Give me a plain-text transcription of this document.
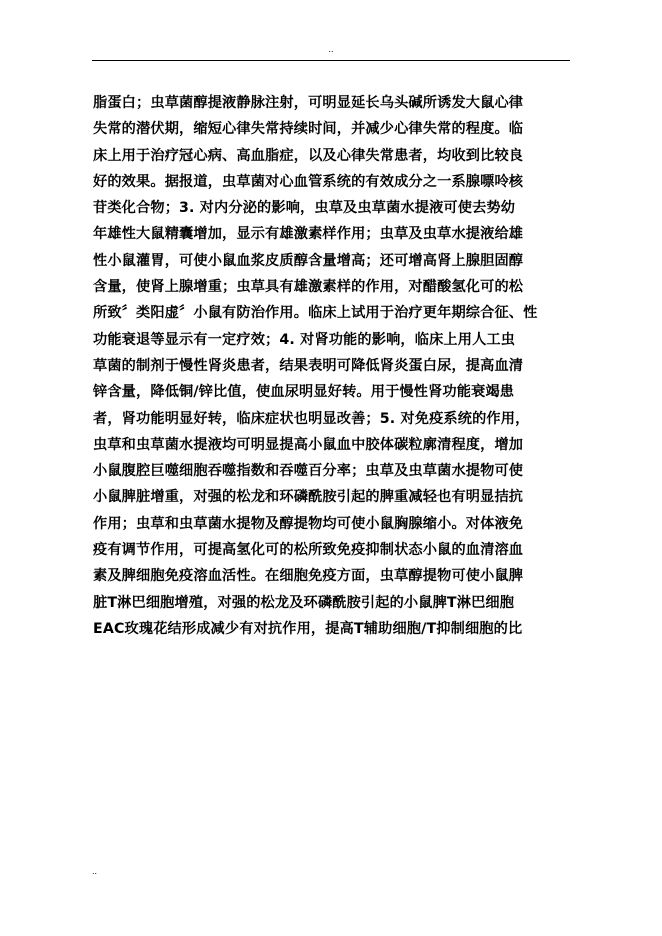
..
脂蛋白；虫草菌醇提液静脉注射，可明显延长乌头碱所诱发大鼠心律
失常的潜伏期，缩短心律失常持续时间，并减少心律失常的程度。临
床上用于治疗冠心病、高血脂症，以及心律失常患者，均收到比较良
好的效果。据报道，虫草菌对心血管系统的有效成分之一系腺嘌呤核
苷类化合物；3. 对内分泌的影响，虫草及虫草菌水提液可使去势幼
年雄性大鼠精囊增加，显示有雄激素样作用；虫草及虫草水提液给雄
性小鼠灌胃，可使小鼠血浆皮质醇含量增高；还可增高肾上腺胆固醇
含量，使肾上腺增重；虫草具有雄激素样的作用，对醋酸氢化可的松
所致〞类阳虚〞小鼠有防治作用。临床上试用于治疗更年期综合征、性
功能衰退等显示有一定疗效；4. 对肾功能的影响，临床上用人工虫
草菌的制剂于慢性肾炎患者，结果表明可降低肾炎蛋白尿，提高血清
锌含量，降低铜/锌比值，使血尿明显好转。用于慢性肾功能衰竭患
者，肾功能明显好转，临床症状也明显改善；5. 对免疫系统的作用，
虫草和虫草菌水提液均可明显提高小鼠血中胶体碳粒廓清程度，增加
小鼠腹腔巨噬细胞吞噬指数和吞噬百分率；虫草及虫草菌水提物可使
小鼠脾脏增重，对强的松龙和环磷酰胺引起的脾重减轻也有明显拮抗
作用；虫草和虫草菌水提物及醇提物均可使小鼠胸腺缩小。对体液免
疫有调节作用，可提高氢化可的松所致免疫抑制状态小鼠的血清溶血
素及脾细胞免疫溶血活性。在细胞免疫方面，虫草醇提物可使小鼠脾
脏T淋巴细胞增殖，对强的松龙及环磷酰胺引起的小鼠脾T淋巴细胞
EAC玫瑰花结形成减少有对抗作用，提高T辅助细胞/T抑制细胞的比
..
